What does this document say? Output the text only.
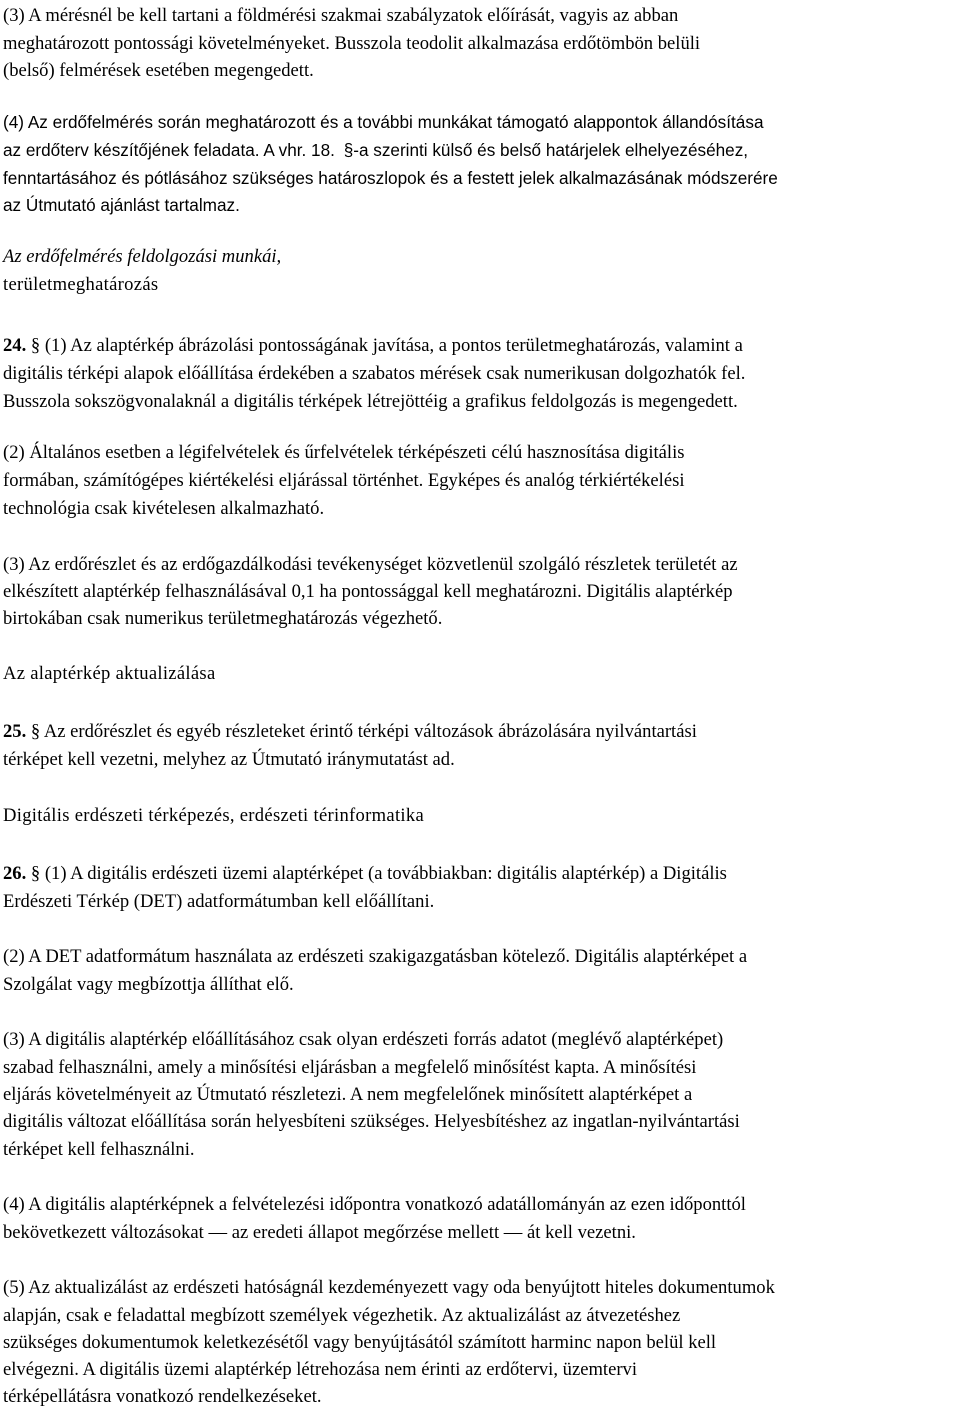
(3) A mérésnél be kell tartani a földmérési szakmai szabályzatok előírását, vagyis az abban
meghatározott pontossági követelményeket. Busszola teodolit alkalmazása erdőtömbön belüli
(belső) felmérések esetében megengedett.
(4) Az erdőfelmérés során meghatározott és a további munkákat támogató alappontok állandósítása
az erdőterv készítőjének feladata. A vhr. 18. §-a szerinti külső és belső határjelek elhelyezéséhez,
fenntartásához és pótlásához szükséges határoszlopok és a festett jelek alkalmazásának módszerére
az Útmutató ajánlást tartalmaz.
Az erdőfelmérés feldolgozási munkái,
területmeghatározás
24. § (1) Az alaptérkép ábrázolási pontosságának javítása, a pontos területmeghatározás, valamint a
digitális térképi alapok előállítása érdekében a szabatos mérések csak numerikusan dolgozhatók fel.
Busszola sokszögvonalaknál a digitális térképek létrejöttéig a grafikus feldolgozás is megengedett.
(2) Általános esetben a légifelvételek és űrfelvételek térképészeti célú hasznosítása digitális
formában, számítógépes kiértékelési eljárással történhet. Egyképes és analóg térkiértékelési
technológia csak kivételesen alkalmazható.
(3) Az erdőrészlet és az erdőgazdálkodási tevékenységet közvetlenül szolgáló részletek területét az
elkészített alaptérkép felhasználásával 0,1 ha pontossággal kell meghatározni. Digitális alaptérkép
birtokában csak numerikus területmeghatározás végezhető.
Az alaptérkép aktualizálása
25. § Az erdőrészlet és egyéb részleteket érintő térképi változások ábrázolására nyilvántartási
térképet kell vezetni, melyhez az Útmutató iránymutatást ad.
Digitális erdészeti térképezés, erdészeti térinformatika
26. § (1) A digitális erdészeti üzemi alaptérképet (a továbbiakban: digitális alaptérkép) a Digitális
Erdészeti Térkép (DET) adatformátumban kell előállítani.
(2) A DET adatformátum használata az erdészeti szakigazgatásban kötelező. Digitális alaptérképet a
Szolgálat vagy megbízottja állíthat elő.
(3) A digitális alaptérkép előállításához csak olyan erdészeti forrás adatot (meglévő alaptérképet)
szabad felhasználni, amely a minősítési eljárásban a megfelelő minősítést kapta. A minősítési
eljárás követelményeit az Útmutató részletezi. A nem megfelelőnek minősített alaptérképet a
digitális változat előállítása során helyesbíteni szükséges. Helyesbítéshez az ingatlan-nyilvántartási
térképet kell felhasználni.
(4) A digitális alaptérképnek a felvételezési időpontra vonatkozó adatállományán az ezen időponttól
bekövetkezett változásokat — az eredeti állapot megőrzése mellett — át kell vezetni.
(5) Az aktualizálást az erdészeti hatóságnál kezdeményezett vagy oda benyújtott hiteles dokumentumok
alapján, csak e feladattal megbízott személyek végezhetik. Az aktualizálást az átvezetéshez
szükséges dokumentumok keletkezésétől vagy benyújtásától számított harminc napon belül kell
elvégezni. A digitális üzemi alaptérkép létrehozása nem érinti az erdőtervi, üzemtervi
térképellátásra vonatkozó rendelkezéseket.
